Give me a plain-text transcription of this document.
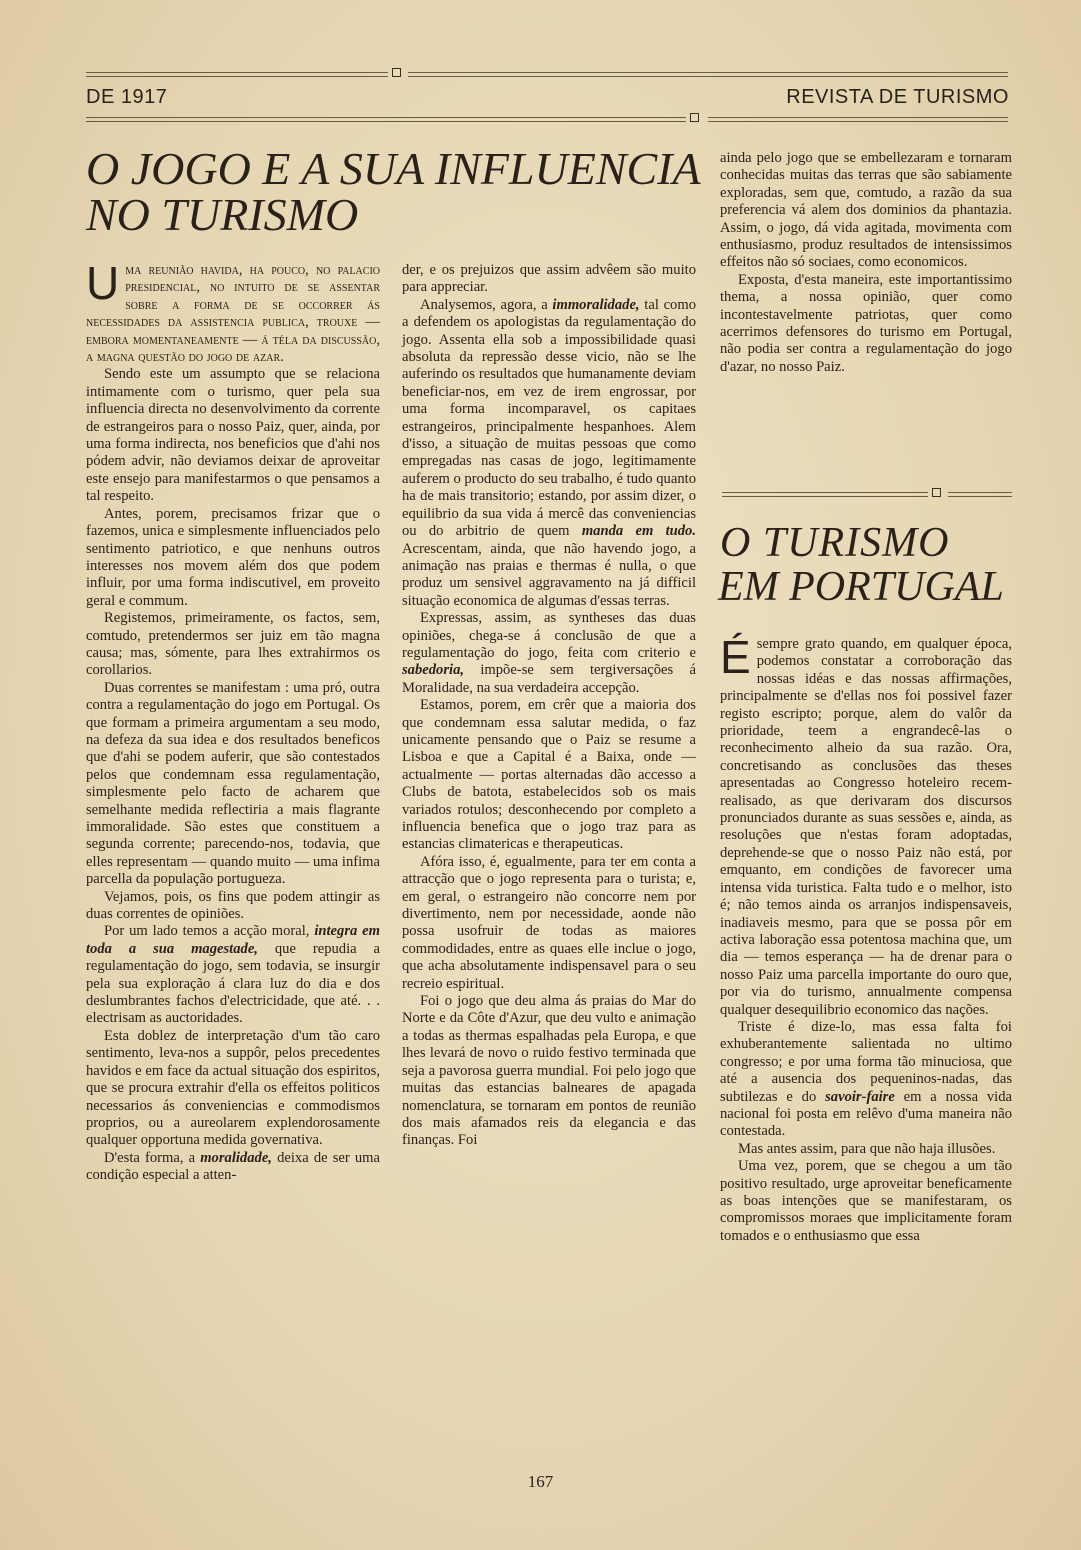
DE 1917	REVISTA DE TURISMO
O JOGO E A SUA INFLUENCIA
NO TURISMO

Uma reunião havida, ha pouco, no palacio presidencial, no intuito de se assentar sobre a forma de se occorrer ás necessidades da assistencia publica, trouxe — embora momentaneamente — á téla da discussão, a magna questão do jogo de azar.

Sendo este um assumpto que se relaciona intimamente com o turismo, quer pela sua influencia directa no desenvolvimento da corrente de estrangeiros para o nosso Paiz, quer, ainda, por uma forma indirecta, nos beneficios que d'ahi nos pódem advir, não deviamos deixar de aproveitar este ensejo para manifestarmos o que pensamos a tal respeito.

Antes, porem, precisamos frizar que o fazemos, unica e simplesmente influenciados pelo sentimento patriotico, e que nenhuns outros interesses nos movem além dos que podem influir, por uma forma indiscutivel, em proveito geral e commum.

Registemos, primeiramente, os factos, sem, comtudo, pretendermos ser juiz em tão magna causa; mas, sómente, para lhes extrahirmos os corollarios.

Duas correntes se manifestam : uma pró, outra contra a regulamentação do jogo em Portugal. Os que formam a primeira argumentam a seu modo, na defeza da sua idea e dos resultados beneficos que d'ahi se podem auferir, que são contestados pelos que condemnam essa regulamentação, simplesmente pelo facto de acharem que semelhante medida reflectiria a mais flagrante immoralidade. São estes que constituem a segunda corrente; parecendo-nos, todavia, que elles representam — quando muito — uma infima parcella da população portugueza.

Vejamos, pois, os fins que podem attingir as duas correntes de opiniões.

Por um lado temos a acção moral, integra em toda a sua magestade, que repudia a regulamentação do jogo, sem todavia, se insurgir pela sua exploração á clara luz do dia e dos deslumbrantes fachos d'electricidade, que até. . . electrisam as auctoridades.

Esta doblez de interpretação d'um tão caro sentimento, leva-nos a suppôr, pelos precedentes havidos e em face da actual situação dos espiritos, que se procura extrahir d'ella os effeitos politicos necessarios ás conveniencias e commodismos proprios, ou a aureolarem explendorosamente qualquer opportuna medida governativa.

D'esta forma, a moralidade, deixa de ser uma condição especial a atten-

der, e os prejuizos que assim advêem são muito para appreciar.

Analysemos, agora, a immoralidade, tal como a defendem os apologistas da regulamentação do jogo. Assenta ella sob a impossibilidade quasi absoluta da repressão desse vicio, não se lhe auferindo os resultados que humanamente deviam beneficiar-nos, em vez de irem engrossar, por uma forma incomparavel, os capitaes estrangeiros, principalmente hespanhoes. Alem d'isso, a situação de muitas pessoas que como empregadas nas casas de jogo, legitimamente auferem o producto do seu trabalho, é tudo quanto ha de mais transitorio; estando, por assim dizer, o equilibrio da sua vida á mercê das conveniencias ou do arbitrio de quem manda em tudo. Acrescentam, ainda, que não havendo jogo, a animação nas praias e thermas é nulla, o que produz um sensivel aggravamento na já difficil situação economica de algumas d'essas terras.

Expressas, assim, as syntheses das duas opiniões, chega-se á conclusão de que a regulamentação do jogo, feita com criterio e sabedoria, impõe-se sem tergiversações á Moralidade, na sua verdadeira accepção.

Estamos, porem, em crêr que a maioria dos que condemnam essa salutar medida, o faz unicamente pensando que o Paiz se resume a Lisboa e que a Capital é a Baixa, onde — actualmente — portas alternadas dão accesso a Clubs de batota, estabelecidos sob os mais variados rotulos; desconhecendo por completo a influencia benefica que o jogo traz para as estancias climatericas e therapeuticas.

Afóra isso, é, egualmente, para ter em conta a attracção que o jogo representa para o turista; e, em geral, o estrangeiro não concorre nem por divertimento, nem por necessidade, aonde não possa usofruir de todas as maiores commodidades, entre as quaes elle inclue o jogo, que acha absolutamente indispensavel para o seu recreio espiritual.

Foi o jogo que deu alma ás praias do Mar do Norte e da Côte d'Azur, que deu vulto e animação a todas as thermas espalhadas pela Europa, e que lhes levará de novo o ruido festivo terminada que seja a pavorosa guerra mundial. Foi pelo jogo que muitas das estancias balneares de apagada nomenclatura, se tornaram em pontos de reunião dos mais afamados reis da elegancia e das finanças. Foi

ainda pelo jogo que se embellezaram e tornaram conhecidas muitas das terras que são sabiamente exploradas, sem que, comtudo, a razão da sua preferencia vá alem dos dominios da phantazia. Assim, o jogo, dá vida agitada, movimenta com enthusiasmo, produz resultados de intensissimos effeitos não só sociaes, como economicos.

Exposta, d'esta maneira, este importantissimo thema, a nossa opinião, quer como incontestavelmente patriotas, quer como acerrimos defensores do turismo em Portugal, não podia ser contra a regulamentação do jogo d'azar, no nosso Paiz.

O TURISMO
EM PORTUGAL

Ésempre grato quando, em qualquer época, podemos constatar a corroboração das nossas idéas e das nossas affirmações, principalmente se d'ellas nos foi possivel fazer registo escripto; porque, alem do valôr da prioridade, teem a engrandecê-las o reconhecimento alheio da sua razão. Ora, concretisando as conclusões das theses apresentadas ao Congresso hoteleiro recem-realisado, as que derivaram dos discursos pronunciados durante as suas sessões e, ainda, as resoluções que n'estas foram adoptadas, deprehende-se que o nosso Paiz não está, por emquanto, em condições de favorecer uma intensa vida turistica. Falta tudo e o melhor, isto é; não temos ainda os arranjos indispensaveis, inadiaveis mesmo, para que se possa pôr em activa laboração essa potentosa machina que, um dia — temos esperança — ha de drenar para o nosso Paiz uma parcella importante do ouro que, por via do turismo, annualmente compensa qualquer desequilibrio economico das nações.

Triste é dize-lo, mas essa falta foi exhuberantemente salientada no ultimo congresso; e por uma forma tão minuciosa, que até a ausencia dos pequeninos-nadas, das subtilezas e do savoir-faire em a nossa vida nacional foi posta em relêvo d'uma maneira não contestada.

Mas antes assim, para que não haja illusões.

Uma vez, porem, que se chegou a um tão positivo resultado, urge aproveitar beneficamente as boas intenções que se manifestaram, os compromissos moraes que implicitamente foram tomados e o enthusiasmo que essa

167
